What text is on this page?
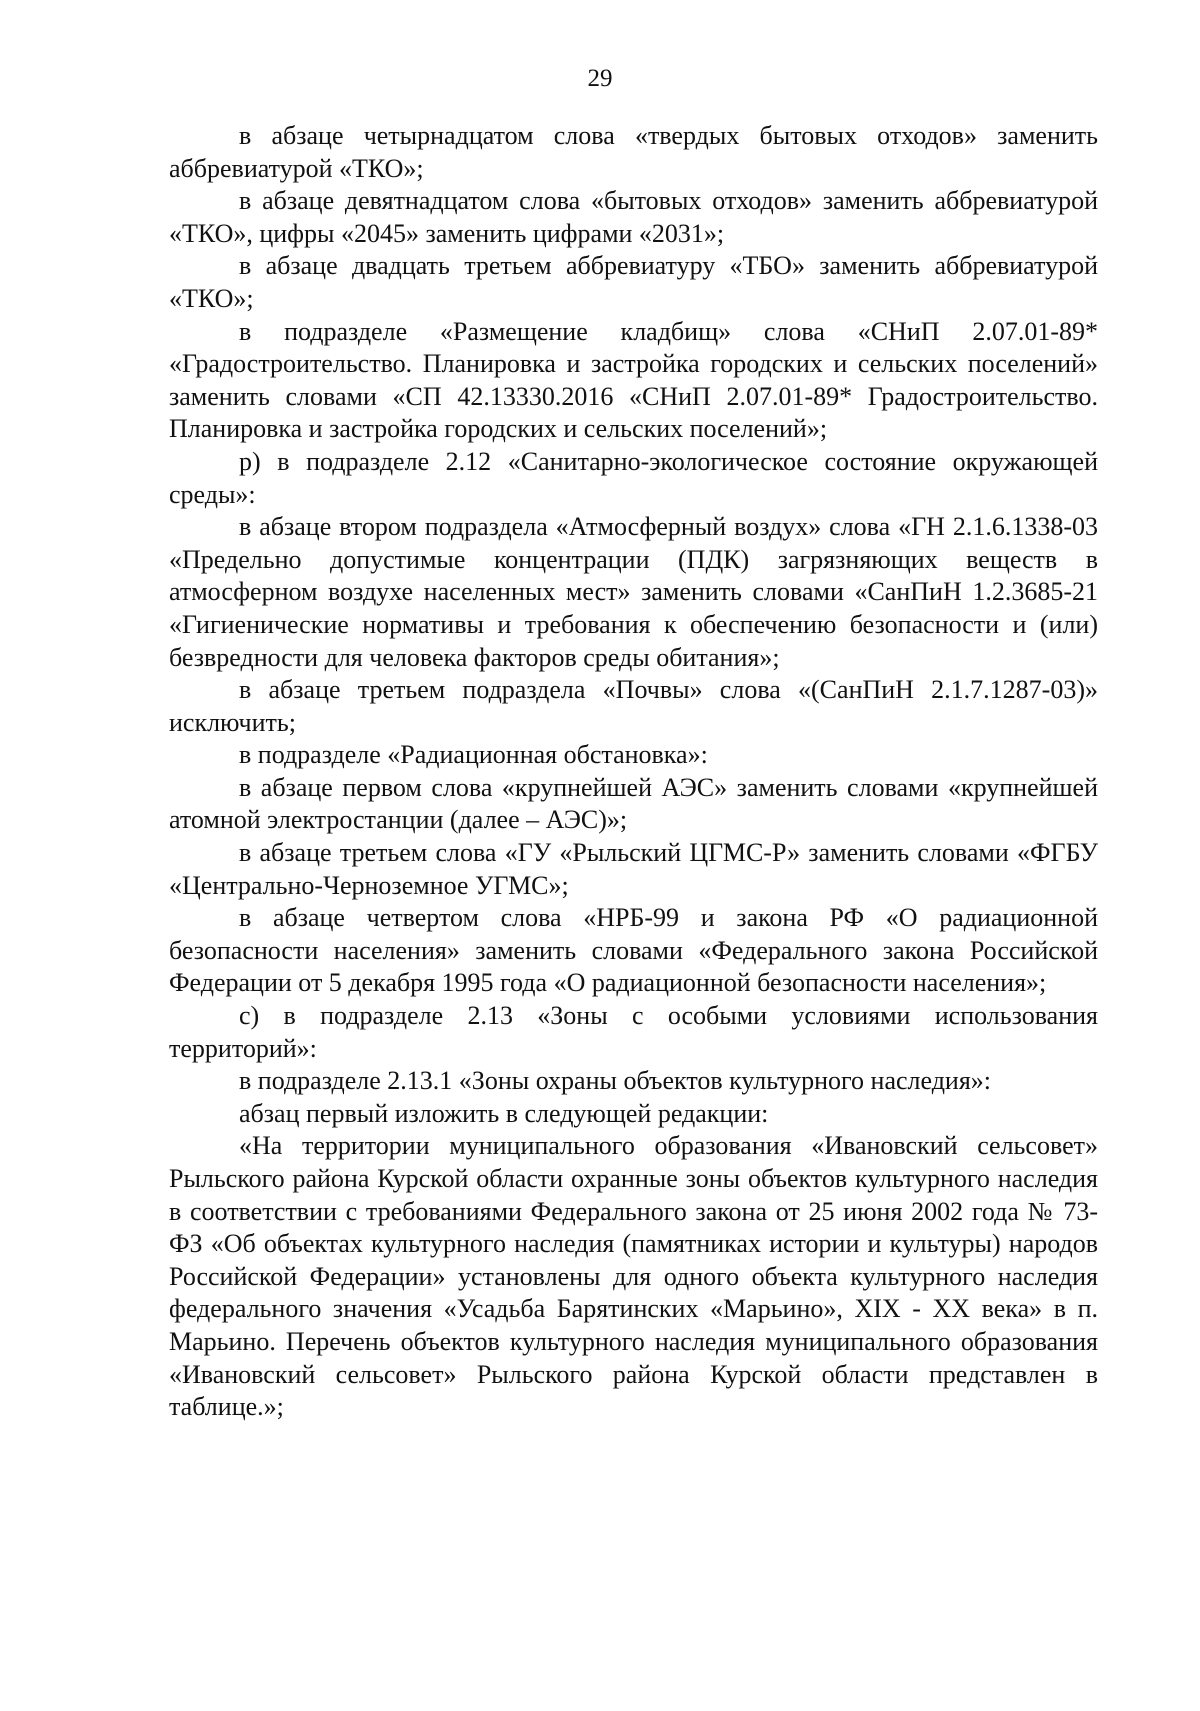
29

в абзаце четырнадцатом слова «твердых бытовых отходов» заменить аббревиатурой «ТКО»;

в абзаце девятнадцатом слова «бытовых отходов» заменить аббревиатурой «ТКО», цифры «2045» заменить цифрами «2031»;

в абзаце двадцать третьем аббревиатуру «ТБО» заменить аббревиатурой «ТКО»;

в подразделе «Размещение кладбищ» слова «СНиП 2.07.01-89* «Градостроительство. Планировка и застройка городских и сельских поселений» заменить словами «СП 42.13330.2016 «СНиП 2.07.01-89* Градостроительство. Планировка и застройка городских и сельских поселений»;

р) в подразделе 2.12 «Санитарно-экологическое состояние окружающей среды»:

в абзаце втором подраздела «Атмосферный воздух» слова «ГН 2.1.6.1338-03 «Предельно допустимые концентрации (ПДК) загрязняющих веществ в атмосферном воздухе населенных мест» заменить словами «СанПиН 1.2.3685-21 «Гигиенические нормативы и требования к обеспечению безопасности и (или) безвредности для человека факторов среды обитания»;

в абзаце третьем подраздела «Почвы» слова «(СанПиН 2.1.7.1287-03)» исключить;

в подразделе «Радиационная обстановка»:

в абзаце первом слова «крупнейшей АЭС» заменить словами «крупнейшей атомной электростанции (далее – АЭС)»;

в абзаце третьем слова «ГУ «Рыльский ЦГМС-Р» заменить словами «ФГБУ «Центрально-Черноземное УГМС»;

в абзаце четвертом слова «НРБ-99 и закона РФ «О радиационной безопасности населения» заменить словами «Федерального закона Российской Федерации от 5 декабря 1995 года «О радиационной безопасности населения»;

с) в подразделе 2.13 «Зоны с особыми условиями использования территорий»:

в подразделе 2.13.1 «Зоны охраны объектов культурного наследия»:

абзац первый изложить в следующей редакции:

«На территории муниципального образования «Ивановский сельсовет» Рыльского района Курской области охранные зоны объектов культурного наследия в соответствии с требованиями Федерального закона от 25 июня 2002 года № 73-ФЗ «Об объектах культурного наследия (памятниках истории и культуры) народов Российской Федерации» установлены для одного объекта культурного наследия федерального значения «Усадьба Барятинских «Марьино», XIX - XX века» в п. Марьино. Перечень объектов культурного наследия муниципального образования «Ивановский сельсовет» Рыльского района Курской области представлен в таблице.»;
